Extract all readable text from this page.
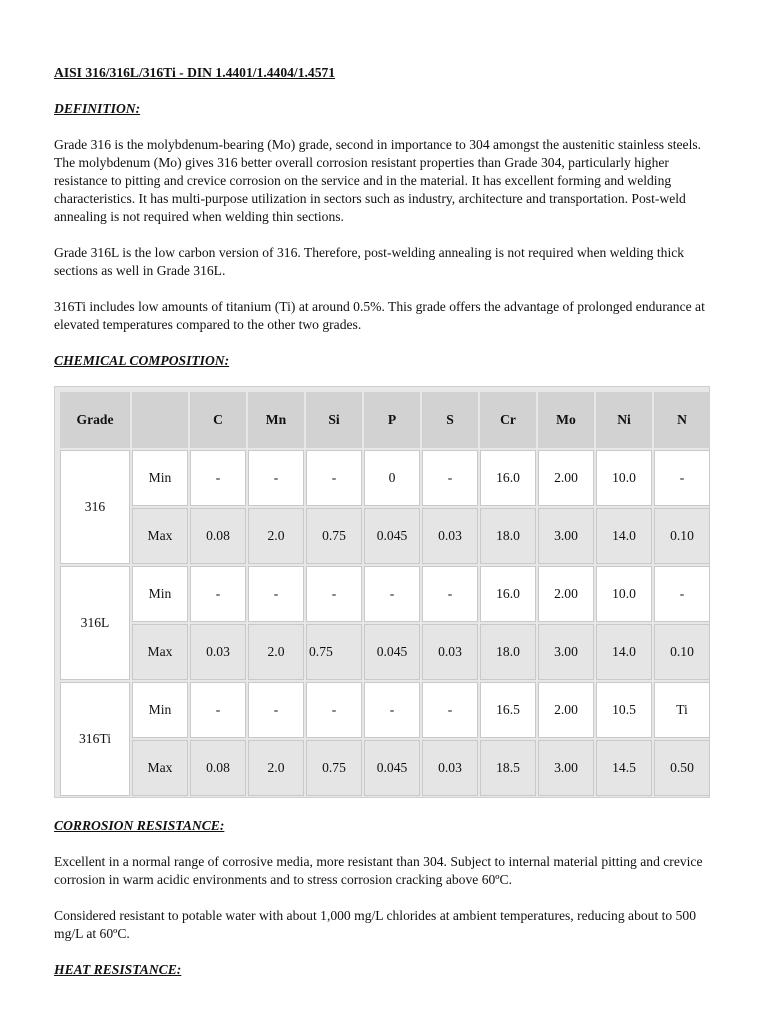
AISI 316/316L/316Ti - DIN 1.4401/1.4404/1.4571
DEFINITION:

Grade 316 is the molybdenum-bearing (Mo) grade, second in importance to 304 amongst the austenitic stainless steels. The molybdenum (Mo) gives 316 better overall corrosion resistant properties than Grade 304, particularly higher resistance to pitting and crevice corrosion on the service and in the material. It has excellent forming and welding characteristics. It has multi-purpose utilization in sectors such as industry, architecture and transportation. Post-weld annealing is not required when welding thin sections.

Grade 316L is the low carbon version of 316. Therefore, post-welding annealing is not required when welding thick sections as well in Grade 316L.

316Ti includes low amounts of titanium (Ti) at around 0.5%. This grade offers the advantage of prolonged endurance at elevated temperatures compared to the other two grades.

CHEMICAL COMPOSITION:
Grade		C	Mn	Si	P	S	Cr	Mo	Ni	N
316	Min	-	-	-	0	-	16.0	2.00	10.0	-
	Max	0.08	2.0	0.75	0.045	0.03	18.0	3.00	14.0	0.10
316L	Min	-	-	-	-	-	16.0	2.00	10.0	-
	Max	0.03	2.0	0.75	0.045	0.03	18.0	3.00	14.0	0.10
316Ti	Min	-	-	-	-	-	16.5	2.00	10.5	Ti
	Max	0.08	2.0	0.75	0.045	0.03	18.5	3.00	14.5	0.50
CORROSION RESISTANCE:

Excellent in a normal range of corrosive media, more resistant than 304. Subject to internal material pitting and crevice corrosion in warm acidic environments and to stress corrosion cracking above 60ºC.

Considered resistant to potable water with about 1,000 mg/L chlorides at ambient temperatures, reducing about to 500 mg/L at 60ºC.

HEAT RESISTANCE:
